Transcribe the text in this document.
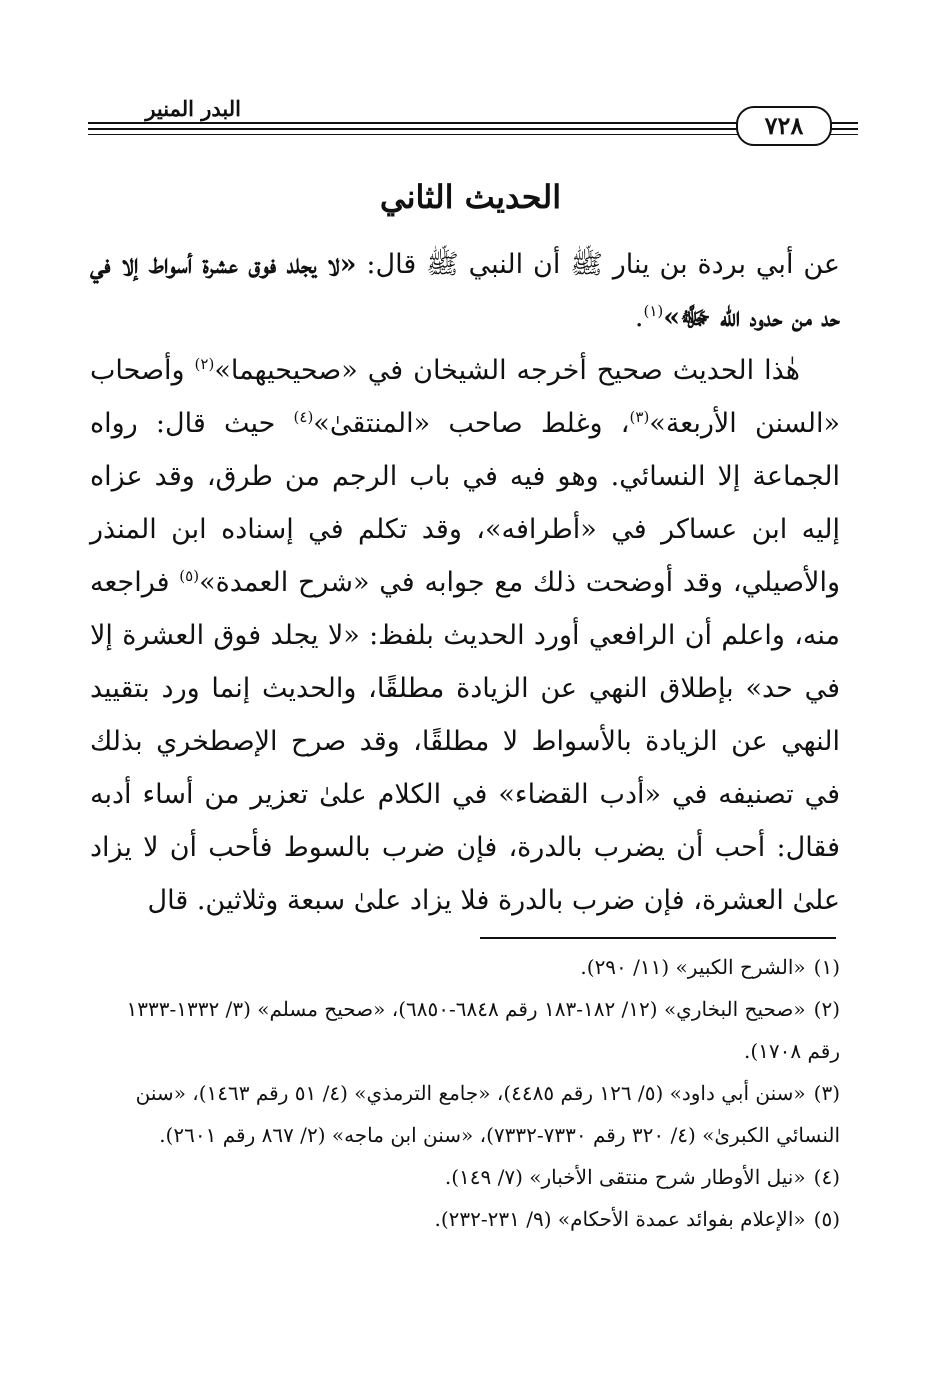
البدر المنير
٧٢٨
الحديث الثاني

عن أبي بردة بن ينار ﷺ أن النبي ﷺ قال: «لا يجلد فوق عشرة أسواط إلا في حد من حدود الله ﷻ»$^{(١)}$.

هٰذا الحديث صحيح أخرجه الشيخان في «صحيحيهما»$^{(٢)}$ وأصحاب «السنن الأربعة»$^{(٣)}$، وغلط صاحب «المنتقىٰ»$^{(٤)}$ حيث قال: رواه الجماعة إلا النسائي. وهو فيه في باب الرجم من طرق، وقد عزاه إليه ابن عساكر في «أطرافه»، وقد تكلم في إسناده ابن المنذر والأصيلي، وقد أوضحت ذلك مع جوابه في «شرح العمدة»$^{(٥)}$ فراجعه منه، واعلم أن الرافعي أورد الحديث بلفظ: «لا يجلد فوق العشرة إلا في حد» بإطلاق النهي عن الزيادة مطلقًا، والحديث إنما ورد بتقييد النهي عن الزيادة بالأسواط لا مطلقًا، وقد صرح الإصطخري بذلك في تصنيفه في «أدب القضاء» في الكلام علىٰ تعزير من أساء أدبه فقال: أحب أن يضرب بالدرة، فإن ضرب بالسوط فأحب أن لا يزاد علىٰ العشرة، فإن ضرب بالدرة فلا يزاد علىٰ سبعة وثلاثين. قال

(١)«الشرح الكبير» (١١/ ٢٩٠).

(٢)«صحيح البخاري» (١٢/ ١٨٢-١٨٣ رقم ٦٨٤٨-٦٨٥٠)، «صحيح مسلم» (٣/ ١٣٣٢-١٣٣٣ رقم ١٧٠٨).

(٣)«سنن أبي داود» (٥/ ١٢٦ رقم ٤٤٨٥)، «جامع الترمذي» (٤/ ٥١ رقم ١٤٦٣)، «سنن النسائي الكبرىٰ» (٤/ ٣٢٠ رقم ٧٣٣٠-٧٣٣٢)، «سنن ابن ماجه» (٢/ ٨٦٧ رقم ٢٦٠١).

(٤)«نيل الأوطار شرح منتقى الأخبار» (٧/ ١٤٩).

(٥)«الإعلام بفوائد عمدة الأحكام» (٩/ ٢٣١-٢٣٢).
